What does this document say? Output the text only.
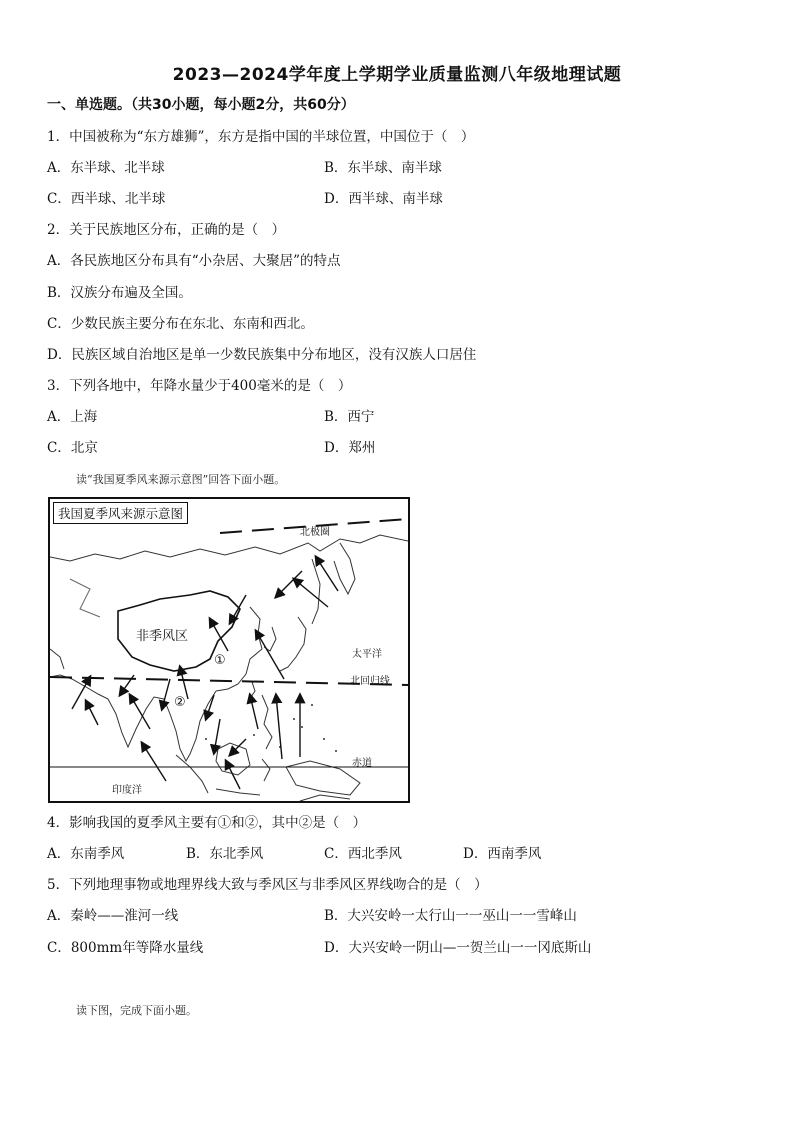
2023—2024学年度上学期学业质量监测八年级地理试题
一、单选题。（共30小题，每小题2分，共60分）
1．中国被称为“东方雄狮”，东方是指中国的半球位置，中国位于（　）
A．东半球、北半球	B．东半球、南半球
C．西半球、北半球	D．西半球、南半球
2．关于民族地区分布，正确的是（　）
A．各民族地区分布具有“小杂居、大聚居”的特点
B．汉族分布遍及全国。
C．少数民族主要分布在东北、东南和西北。
D．民族区域自治地区是单一少数民族集中分布地区，没有汉族人口居住
3．下列各地中，年降水量少于400毫米的是（　）
A．上海	B．西宁
C．北京	D．郑州
读“我国夏季风来源示意图”回答下面小题。
我国夏季风来源示意图
非季风区
北极圈
太平洋
北回归线
赤道
印度洋
①
②
4．影响我国的夏季风主要有①和②，其中②是（　）
A．东南季风	B．东北季风	C．西北季风	D．西南季风
5．下列地理事物或地理界线大致与季风区与非季风区界线吻合的是（　）
A．秦岭——淮河一线	B．大兴安岭一太行山一一巫山一一雪峰山
C．800mm年等降水量线	D．大兴安岭一阴山—一贺兰山一一冈底斯山
读下图，完成下面小题。
